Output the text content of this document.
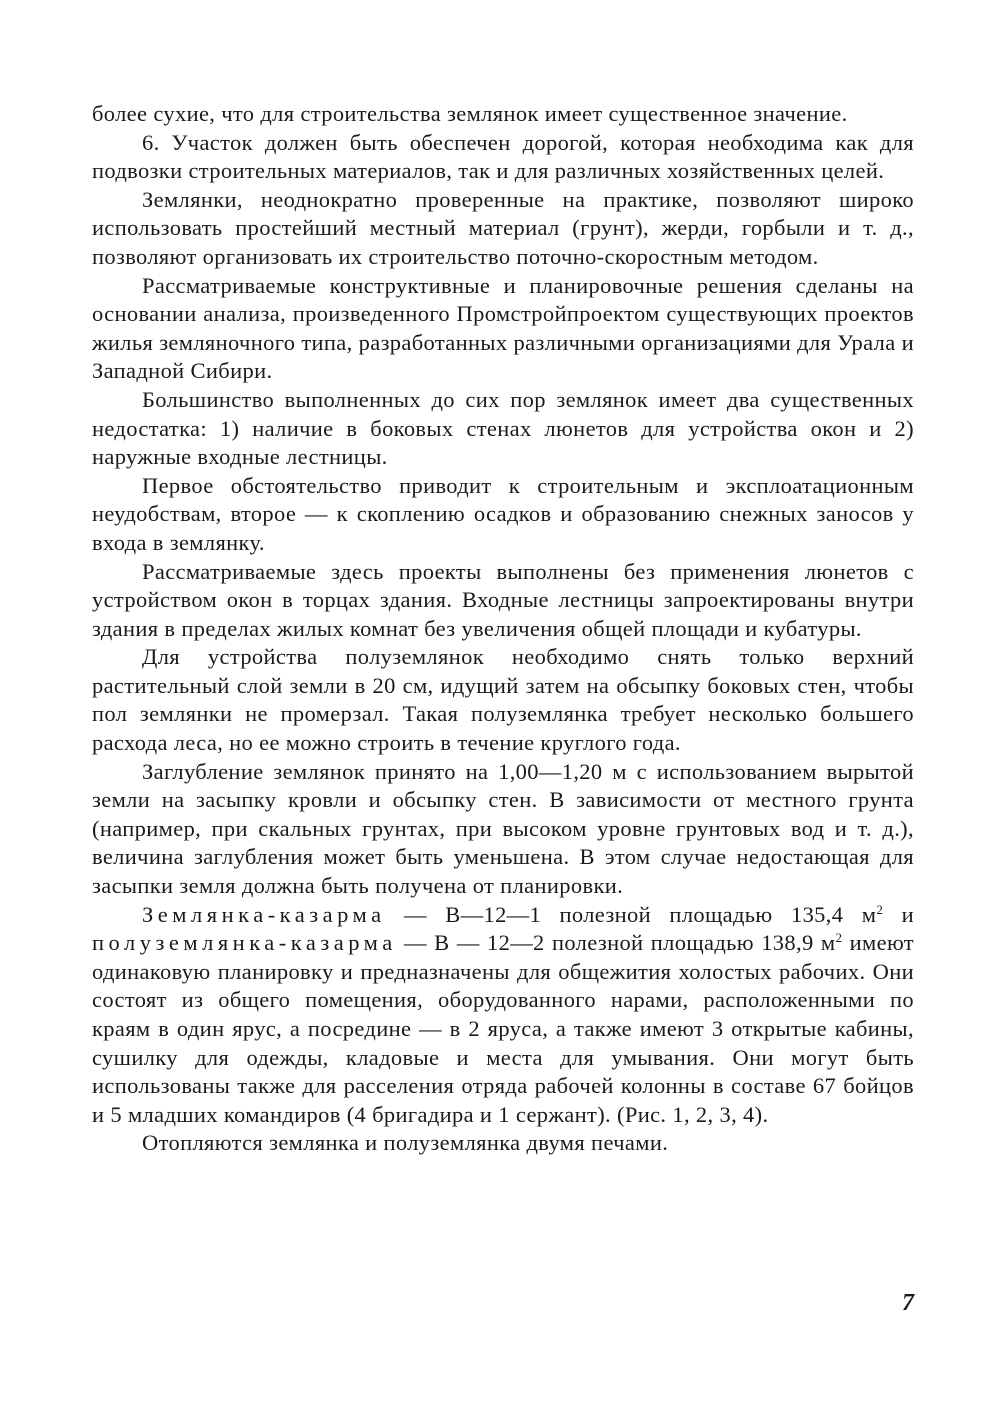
более сухие, что для строительства землянок имеет существенное значение.

6. Участок должен быть обеспечен дорогой, которая необходима как для подвозки строительных материалов, так и для различных хозяйственных целей.

Землянки, неоднократно проверенные на практике, позволяют широко использовать простейший местный материал (грунт), жерди, горбыли и т. д., позволяют организовать их строительство поточно-скоростным методом.

Рассматриваемые конструктивные и планировочные решения сделаны на основании анализа, произведенного Промстройпроектом существующих проектов жилья земляночного типа, разработанных различными организациями для Урала и Западной Сибири.

Большинство выполненных до сих пор землянок имеет два существенных недостатка: 1) наличие в боковых стенах люнетов для устройства окон и 2) наружные входные лестницы.

Первое обстоятельство приводит к строительным и эксплоатационным неудобствам, второе — к скоплению осадков и образованию снежных заносов у входа в землянку.

Рассматриваемые здесь проекты выполнены без применения люнетов с устройством окон в торцах здания. Входные лестницы запроектированы внутри здания в пределах жилых комнат без увеличения общей площади и кубатуры.

Для устройства полуземлянок необходимо снять только верхний растительный слой земли в 20 см, идущий затем на обсыпку боковых стен, чтобы пол землянки не промерзал. Такая полуземлянка требует несколько большего расхода леса, но ее можно строить в течение круглого года.

Заглубление землянок принято на 1,00—1,20 м с использованием вырытой земли на засыпку кровли и обсыпку стен. В зависимости от местного грунта (например, при скальных грунтах, при высоком уровне грунтовых вод и т. д.), величина заглубления может быть уменьшена. В этом случае недостающая для засыпки земля должна быть получена от планировки.

Землянка-казарма — В—12—1 полезной площадью 135,4 $м^2$ и полуземлянка-казарма — В — 12—2 полезной площадью 138,9 $м^2$ имеют одинаковую планировку и предназначены для общежития холостых рабочих. Они состоят из общего помещения, оборудованного нарами, расположенными по краям в один ярус, а посредине — в 2 яруса, а также имеют 3 открытые кабины, сушилку для одежды, кладовые и места для умывания. Они могут быть использованы также для расселения отряда рабочей колонны в составе 67 бойцов и 5 младших командиров (4 бригадира и 1 сержант). (Рис. 1, 2, 3, 4).

Отопляются землянка и полуземлянка двумя печами.

7
